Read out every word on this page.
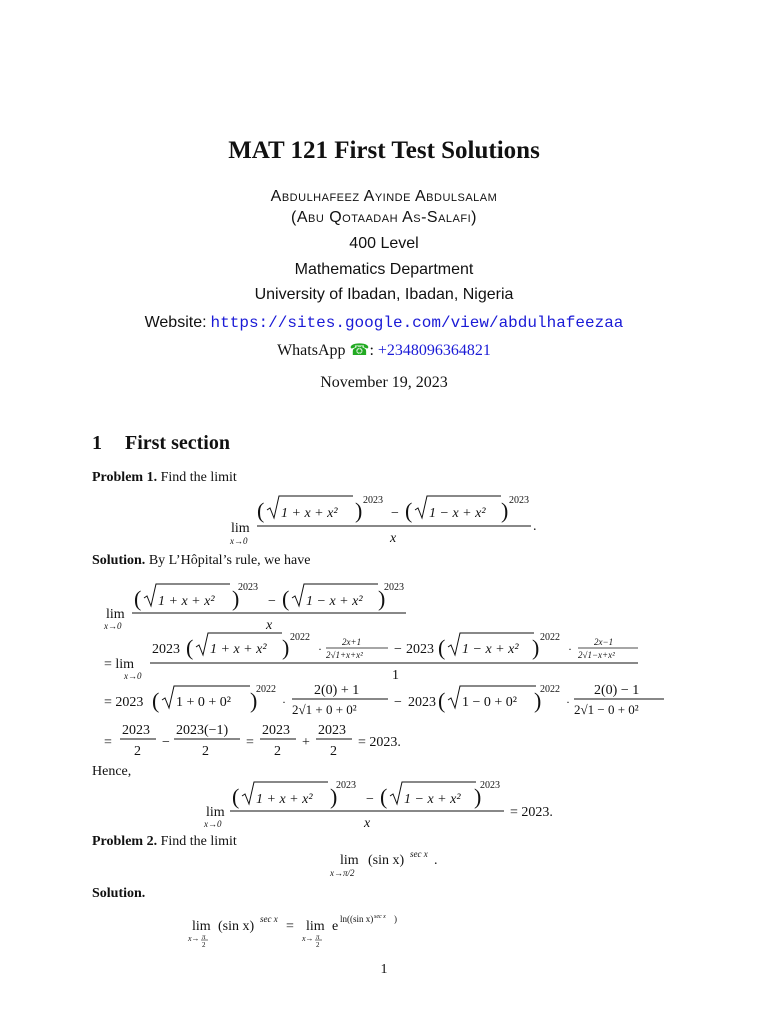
MAT 121 First Test Solutions
Abdulhafeez Ayinde Abdulsalam
(Abu Qotaadah As-Salafi)
400 Level
Mathematics Department
University of Ibadan, Ibadan, Nigeria
Website: https://sites.google.com/view/abdulhafeezaa
WhatsApp ☎: +2348096364821
November 19, 2023
1 First section
Problem 1. Find the limit
lim
x→0
( 1 + x + x² ) 2023
− ( 1 − x + x² ) 2023
x
.
Solution. By L’Hôpital’s rule, we have
lim
x→0
( 1 + x + x² )
2023
− ( 1 − x + x² )
2023
x
= lim
x→0
2023 ( 1 + x + x² ) 2022
· 2x+1
2√1+x+x² − 2023 ( 1 − x + x² ) 2022
· 2x−1
2√1−x+x²
1
= 2023 ( 1 + 0 + 0² )
2022
·
2(0) + 1
2√1 + 0 + 0²	− 2023 ( 1 − 0 + 0² )
2022
·
2(0) − 1
2√1 − 0 + 0²
=
2023
2
−
2023(−1)
2
=
2023
2
+
2023
2
= 2023.
Hence,
lim
x→0
( 1 + x + x² )
2023
− ( 1 − x + x² )
2023
x
= 2023.
Problem 2. Find the limit
lim
x→π/2
(sin x) sec x .
Solution.
lim
x→ π
2
(sin x) sec x = lim
x→ π
2
e ln((sin x) sec x )
1
